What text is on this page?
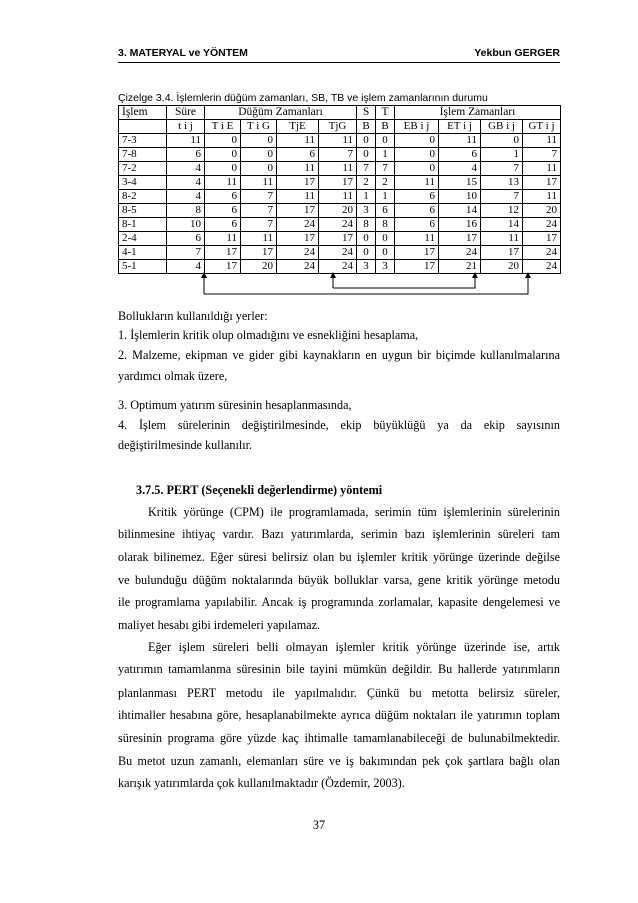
3. MATERYAL ve YÖNTEM	Yekbun GERGER
Çizelge 3.4. İşlemlerin düğüm zamanları, SB, TB ve işlem zamanlarının durumu
İşlem	Süre	Düğüm Zamanları				S	T	İşlem Zamanları			
	t i j	T i E	T i G	TjE	TjG	B	B	EB i j	ET i j	GB i j	GT i j
7-3	11	0	0	11	11	0	0	0	11	0	11
7-8	6	0	0	6	7	0	1	0	6	1	7
7-2	4	0	0	11	11	7	7	0	4	7	11
3-4	4	11	11	17	17	2	2	11	15	13	17
8-2	4	6	7	11	11	1	1	6	10	7	11
8-5	8	6	7	17	20	3	6	6	14	12	20
8-1	10	6	7	24	24	8	8	6	16	14	24
2-4	6	11	11	17	17	0	0	11	17	11	17
4-1	7	17	17	24	24	0	0	17	24	17	24
5-1	4	17	20	24	24	3	3	17	21	20	24
Bollukların kullanıldığı yerler:
1. İşlemlerin kritik olup olmadığını ve esnekliğini hesaplama,
2. Malzeme, ekipman ve gider gibi kaynakların en uygun bir biçimde kullanılmalarına
yardımcı olmak üzere,
3. Optimum yatırım süresinin hesaplanmasında,
4. İşlem sürelerinin değiştirilmesinde, ekip büyüklüğü ya da ekip sayısının
değiştirilmesinde kullanılır.
3.7.5. PERT (Seçenekli değerlendirme) yöntemi
Kritik yörünge (CPM) ile programlamada, serimin tüm işlemlerinin sürelerinin
bilinmesine ihtiyaç vardır. Bazı yatırımlarda, serimin bazı işlemlerinin süreleri tam
olarak bilinemez. Eğer süresi belirsiz olan bu işlemler kritik yörünge üzerinde değilse
ve bulunduğu düğüm noktalarında büyük bolluklar varsa, gene kritik yörünge metodu
ile programlama yapılabilir. Ancak iş programında zorlamalar, kapasite dengelemesi ve
maliyet hesabı gibi irdemeleri yapılamaz.
Eğer işlem süreleri belli olmayan işlemler kritik yörünge üzerinde ise, artık
yatırımın tamamlanma süresinin bile tayini mümkün değildir. Bu hallerde yatırımların
planlanması PERT metodu ile yapılmalıdır. Çünkü bu metotta belirsiz süreler,
ihtimaller hesabına göre, hesaplanabilmekte ayrıca düğüm noktaları ile yatırımın toplam
süresinin programa göre yüzde kaç ihtimalle tamamlanabileceği de bulunabilmektedir.
Bu metot uzun zamanlı, elemanları süre ve iş bakımından pek çok şartlara bağlı olan
karışık yatırımlarda çok kullanılmaktadır (Özdemir, 2003).
37
